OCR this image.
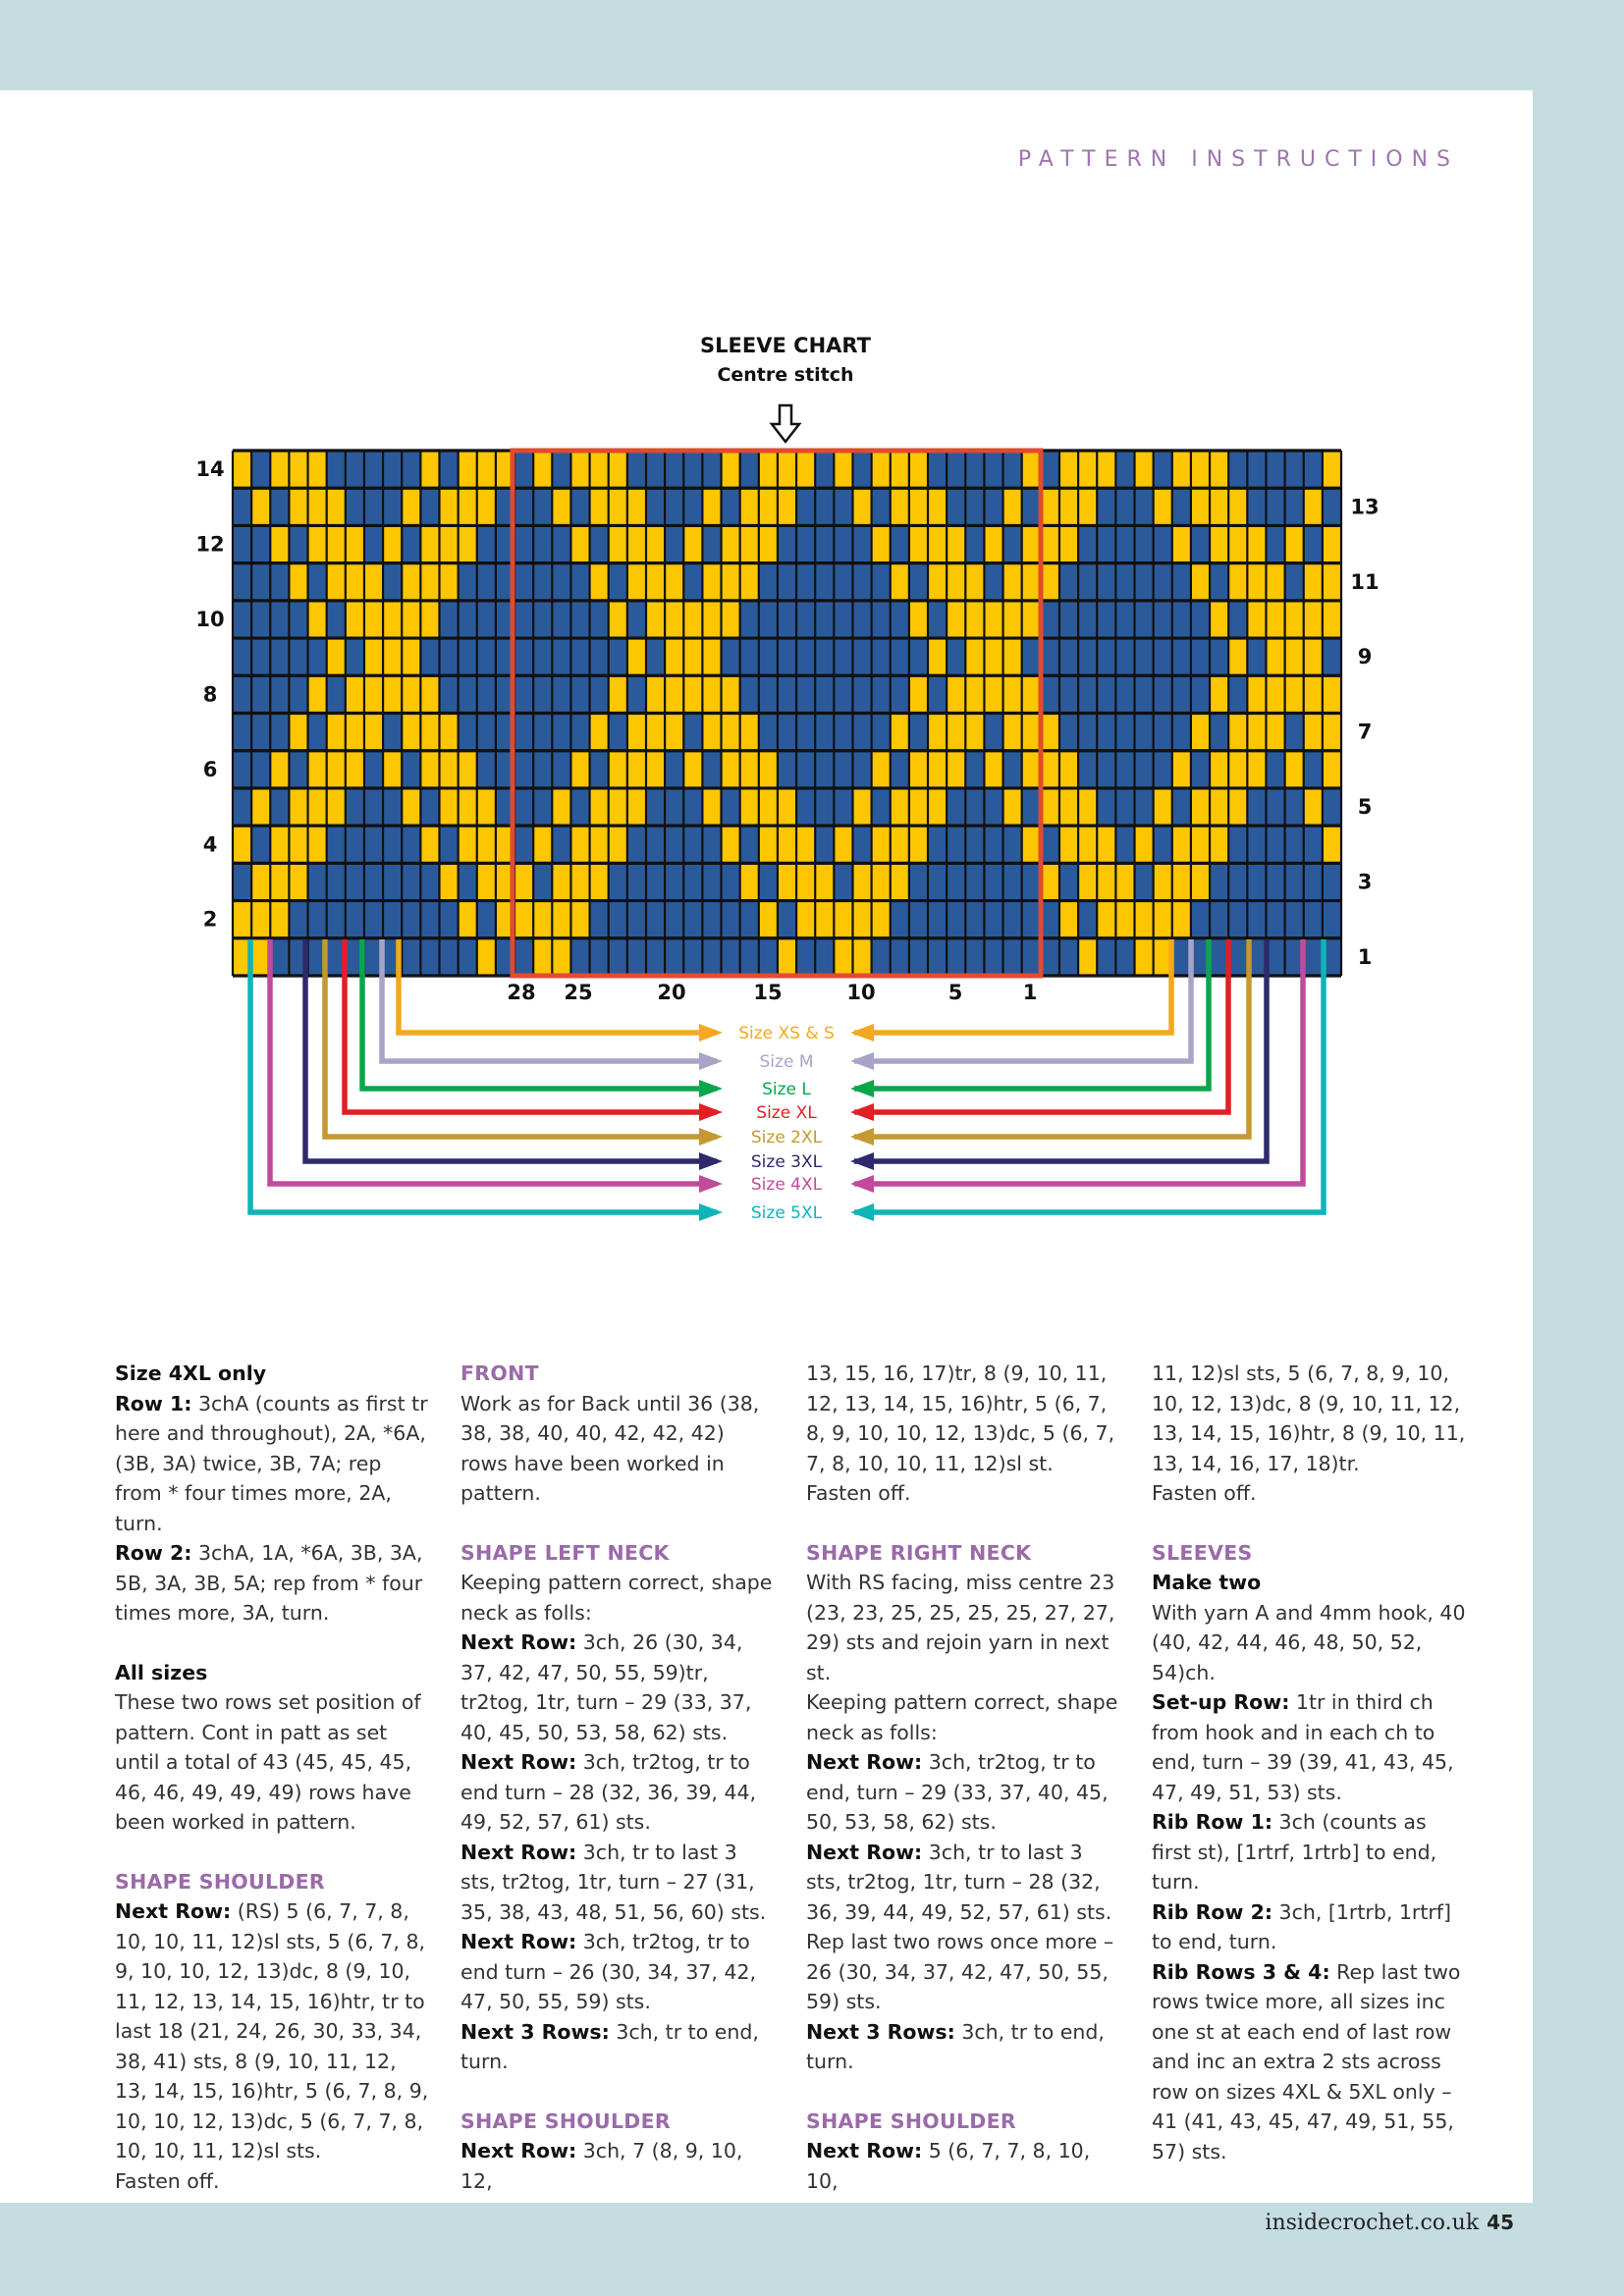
PATTERN INSTRUCTIONS
SLEEVE CHART
Centre stitch
14
12
10
8
6
4
2
13
11
9
7
5
3
1
28 25	20	15	10	5	1
Size XS & S
Size M
Size L
Size XL
Size 2XL
Size 3XL
Size 4XL
Size 5XL

Size 4XL only

Row 1: 3chA (counts as first tr here and throughout), 2A, *6A, (3B, 3A) twice, 3B, 7A; rep from * four times more, 2A, turn.

Row 2: 3chA, 1A, *6A, 3B, 3A, 5B, 3A, 3B, 5A; rep from * four times more, 3A, turn.

All sizes

These two rows set position of pattern. Cont in patt as set until a total of 43 (45, 45, 45, 46, 46, 49, 49, 49) rows have been worked in pattern.

SHAPE SHOULDER

Next Row: (RS) 5 (6, 7, 7, 8, 10, 10, 11, 12)sl sts, 5 (6, 7, 8, 9, 10, 10, 12, 13)dc, 8 (9, 10, 11, 12, 13, 14, 15, 16)htr, tr to last 18 (21, 24, 26, 30, 33, 34, 38, 41) sts, 8 (9, 10, 11, 12, 13, 14, 15, 16)htr, 5 (6, 7, 8, 9, 10, 10, 12, 13)dc, 5 (6, 7, 7, 8, 10, 10, 11, 12)sl sts.

Fasten off.

FRONT

Work as for Back until 36 (38, 38, 38, 40, 40, 42, 42, 42) rows have been worked in pattern.

SHAPE LEFT NECK

Keeping pattern correct, shape neck as folls:

Next Row: 3ch, 26 (30, 34, 37, 42, 47, 50, 55, 59)tr, tr2tog, 1tr, turn – 29 (33, 37, 40, 45, 50, 53, 58, 62) sts.

Next Row: 3ch, tr2tog, tr to end turn – 28 (32, 36, 39, 44, 49, 52, 57, 61) sts.

Next Row: 3ch, tr to last 3 sts, tr2tog, 1tr, turn – 27 (31, 35, 38, 43, 48, 51, 56, 60) sts.

Next Row: 3ch, tr2tog, tr to end turn – 26 (30, 34, 37, 42, 47, 50, 55, 59) sts.

Next 3 Rows: 3ch, tr to end, turn.

SHAPE SHOULDER

Next Row: 3ch, 7 (8, 9, 10, 12,

13, 15, 16, 17)tr, 8 (9, 10, 11, 12, 13, 14, 15, 16)htr, 5 (6, 7, 8, 9, 10, 10, 12, 13)dc, 5 (6, 7, 7, 8, 10, 10, 11, 12)sl st. Fasten off.

SHAPE RIGHT NECK

With RS facing, miss centre 23 (23, 23, 25, 25, 25, 25, 27, 27, 29) sts and rejoin yarn in next st.

Keeping pattern correct, shape neck as folls:

Next Row: 3ch, tr2tog, tr to end, turn – 29 (33, 37, 40, 45, 50, 53, 58, 62) sts.

Next Row: 3ch, tr to last 3 sts, tr2tog, 1tr, turn – 28 (32, 36, 39, 44, 49, 52, 57, 61) sts.

Rep last two rows once more – 26 (30, 34, 37, 42, 47, 50, 55, 59) sts.

Next 3 Rows: 3ch, tr to end, turn.

SHAPE SHOULDER

Next Row: 5 (6, 7, 7, 8, 10, 10,

11, 12)sl sts, 5 (6, 7, 8, 9, 10, 10, 12, 13)dc, 8 (9, 10, 11, 12, 13, 14, 15, 16)htr, 8 (9, 10, 11, 13, 14, 16, 17, 18)tr.

Fasten off.

SLEEVES

Make two

With yarn A and 4mm hook, 40 (40, 42, 44, 46, 48, 50, 52, 54)ch.

Set-up Row: 1tr in third ch from hook and in each ch to end, turn – 39 (39, 41, 43, 45, 47, 49, 51, 53) sts.

Rib Row 1: 3ch (counts as first st), [1rtrf, 1rtrb] to end, turn.

Rib Row 2: 3ch, [1rtrb, 1rtrf] to end, turn.

Rib Rows 3 & 4: Rep last two rows twice more, all sizes inc one st at each end of last row and inc an extra 2 sts across row on sizes 4XL & 5XL only – 41 (41, 43, 45, 47, 49, 51, 55, 57) sts.

insidecrochet.co.uk 45
